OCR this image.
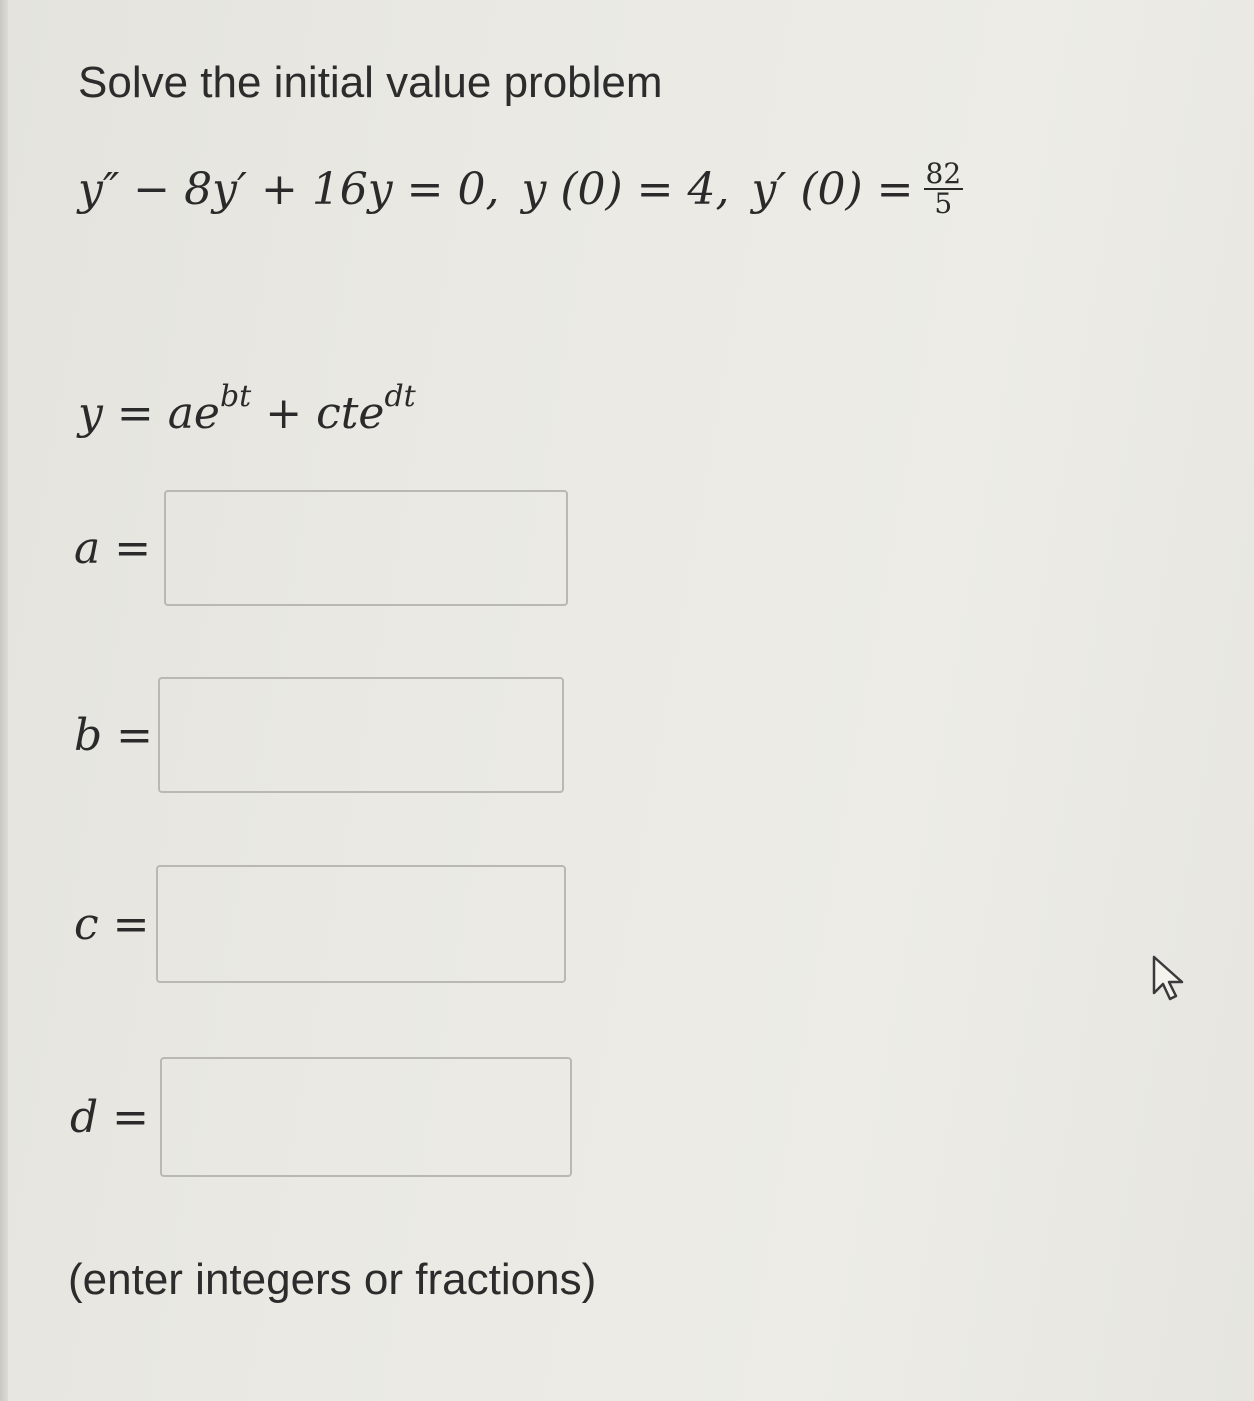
Solve the initial value problem
y″ − 8y′ + 16y = 0, y (0) = 4, y′ $(0) = \frac{82}{5}$
$y = ae^{bt} + cte^{dt}$
a =
b =
c =
d =
(enter integers or fractions)
